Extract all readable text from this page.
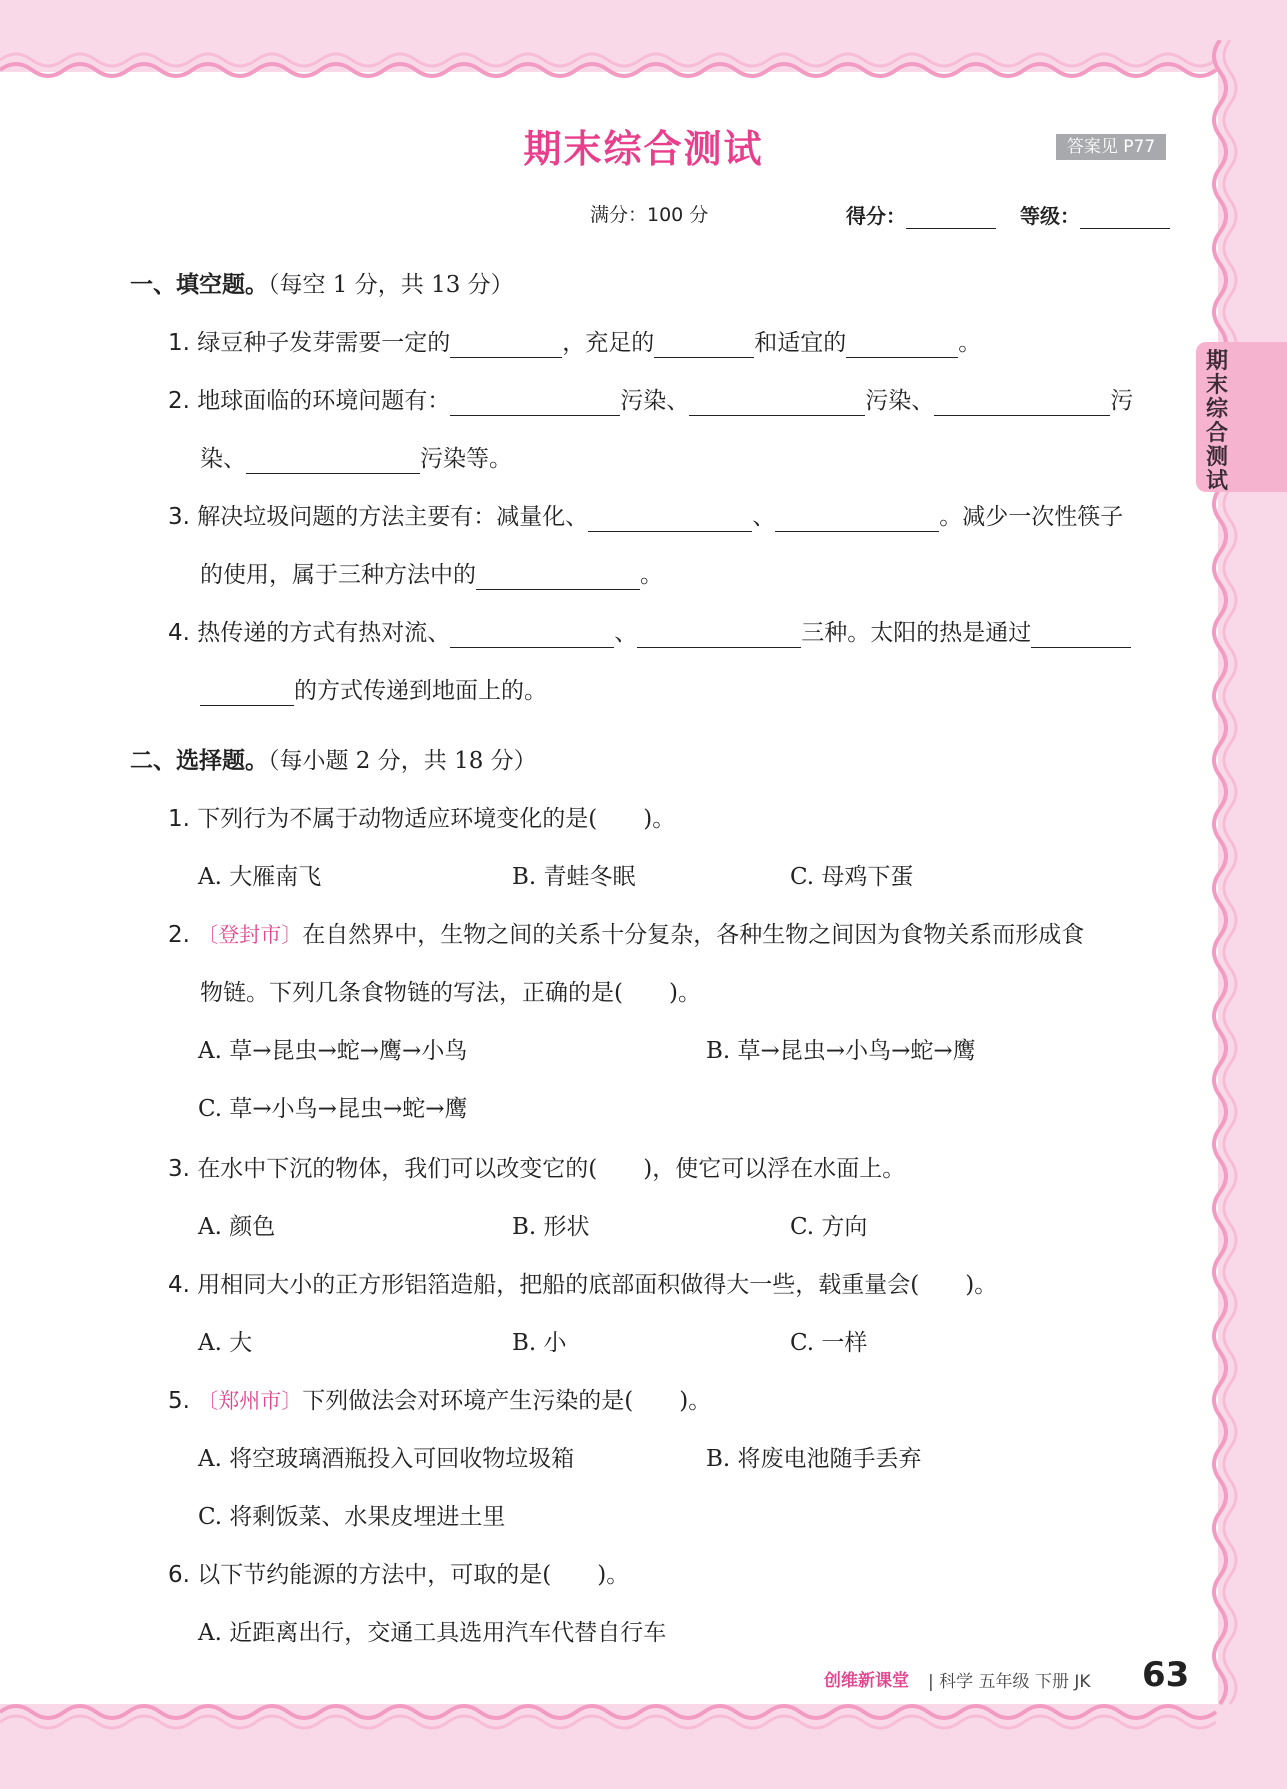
期末综合测试	答案见 P77
满分：100 分	得分：	等级：
期末综合测试
一、填空题。（每空 1 分，共 13 分）
1. 绿豆种子发芽需要一定的	，充足的	和适宜的	。
2. 地球面临的环境问题有：	污染、	污染、	污
染、	污染等。
3. 解决垃圾问题的方法主要有：减量化、	、	。减少一次性筷子
的使用，属于三种方法中的	。
4. 热传递的方式有热对流、	、	三种。太阳的热是通过
的方式传递到地面上的。
二、选择题。（每小题 2 分，共 18 分）
1. 下列行为不属于动物适应环境变化的是(　　)。
A. 大雁南飞	B. 青蛙冬眠	C. 母鸡下蛋
2. 〔登封市〕在自然界中，生物之间的关系十分复杂，各种生物之间因为食物关系而形成食
物链。下列几条食物链的写法，正确的是(　　)。
A. 草→昆虫→蛇→鹰→小鸟	B. 草→昆虫→小鸟→蛇→鹰
C. 草→小鸟→昆虫→蛇→鹰
3. 在水中下沉的物体，我们可以改变它的(　　)，使它可以浮在水面上。
A. 颜色	B. 形状	C. 方向
4. 用相同大小的正方形铝箔造船，把船的底部面积做得大一些，载重量会(　　)。
A. 大	B. 小	C. 一样
5. 〔郑州市〕下列做法会对环境产生污染的是(　　)。
A. 将空玻璃酒瓶投入可回收物垃圾箱	B. 将废电池随手丢弃
C. 将剩饭菜、水果皮埋进土里
6. 以下节约能源的方法中，可取的是(　　)。
A. 近距离出行，交通工具选用汽车代替自行车
创维新课堂 | 科学 五年级 下册 JK 63
